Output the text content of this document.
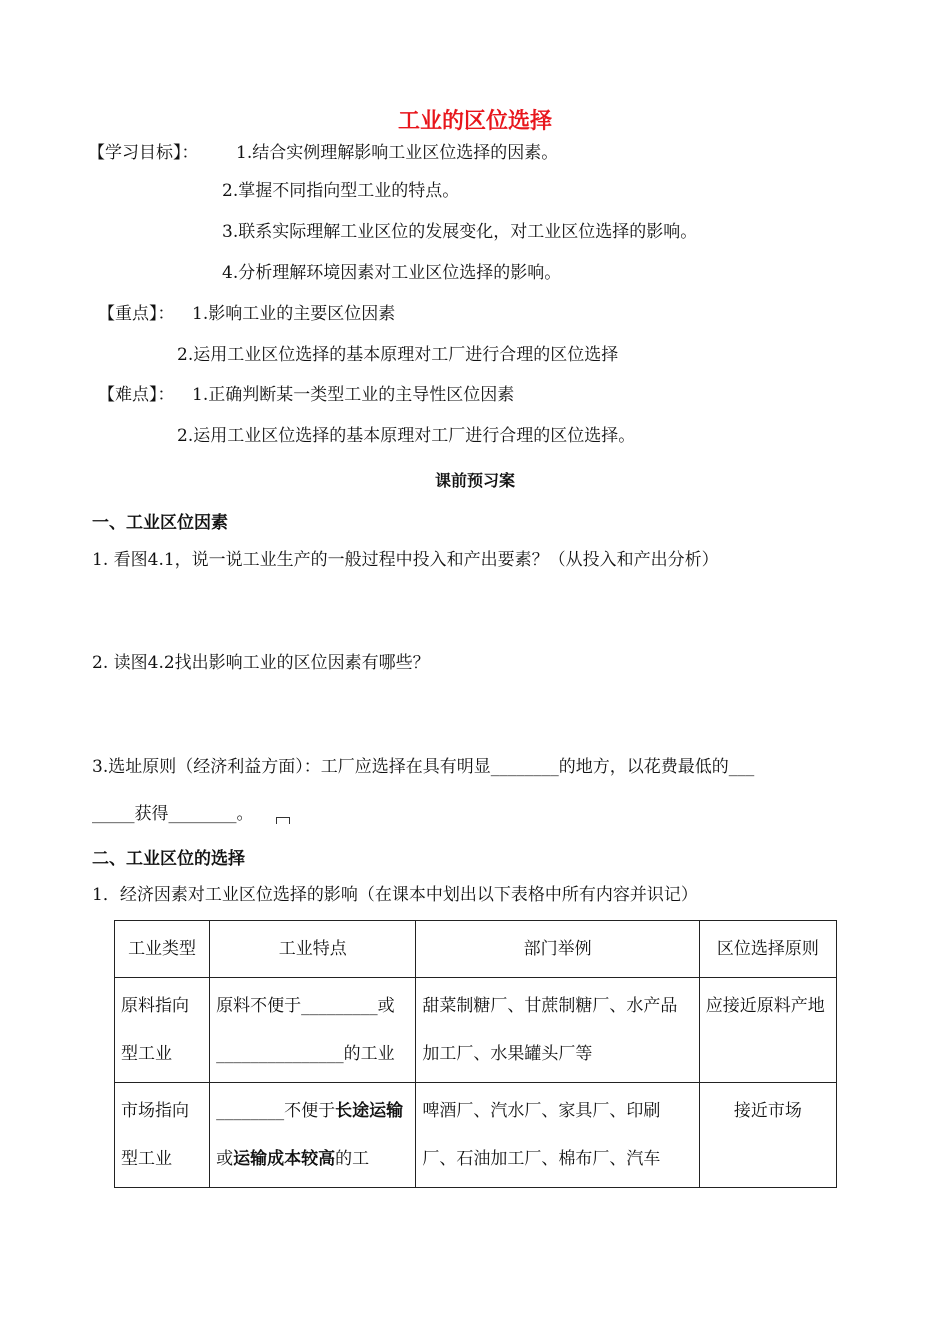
工业的区位选择
【学习目标】： 1.结合实例理解影响工业区位选择的因素。
2.掌握不同指向型工业的特点。
3.联系实际理解工业区位的发展变化，对工业区位选择的影响。
4.分析理解环境因素对工业区位选择的影响。
【重点】： 1.影响工业的主要区位因素
2.运用工业区位选择的基本原理对工厂进行合理的区位选择
【难点】： 1.正确判断某一类型工业的主导性区位因素
2.运用工业区位选择的基本原理对工厂进行合理的区位选择。
课前预习案
一、工业区位因素
1. 看图4.1，说一说工业生产的一般过程中投入和产出要素？（从投入和产出分析）
2. 读图4.2找出影响工业的区位因素有哪些？
3.选址原则（经济利益方面）：工厂应选择在具有明显________的地方，以花费最低的___
_____获得________。
二、工业区位的选择
1．经济因素对工业区位选择的影响（在课本中划出以下表格中所有内容并识记）
工业类型	工业特点	部门举例	区位选择原则
原料指向型工业	原料不便于_________或_______________的工业	甜菜制糖厂、甘蔗制糖厂、水产品加工厂、水果罐头厂等	应接近原料产地
市场指向型工业	________不便于长途运输或运输成本较高的工	啤酒厂、汽水厂、家具厂、印刷厂、石油加工厂、棉布厂、汽车	接近市场
